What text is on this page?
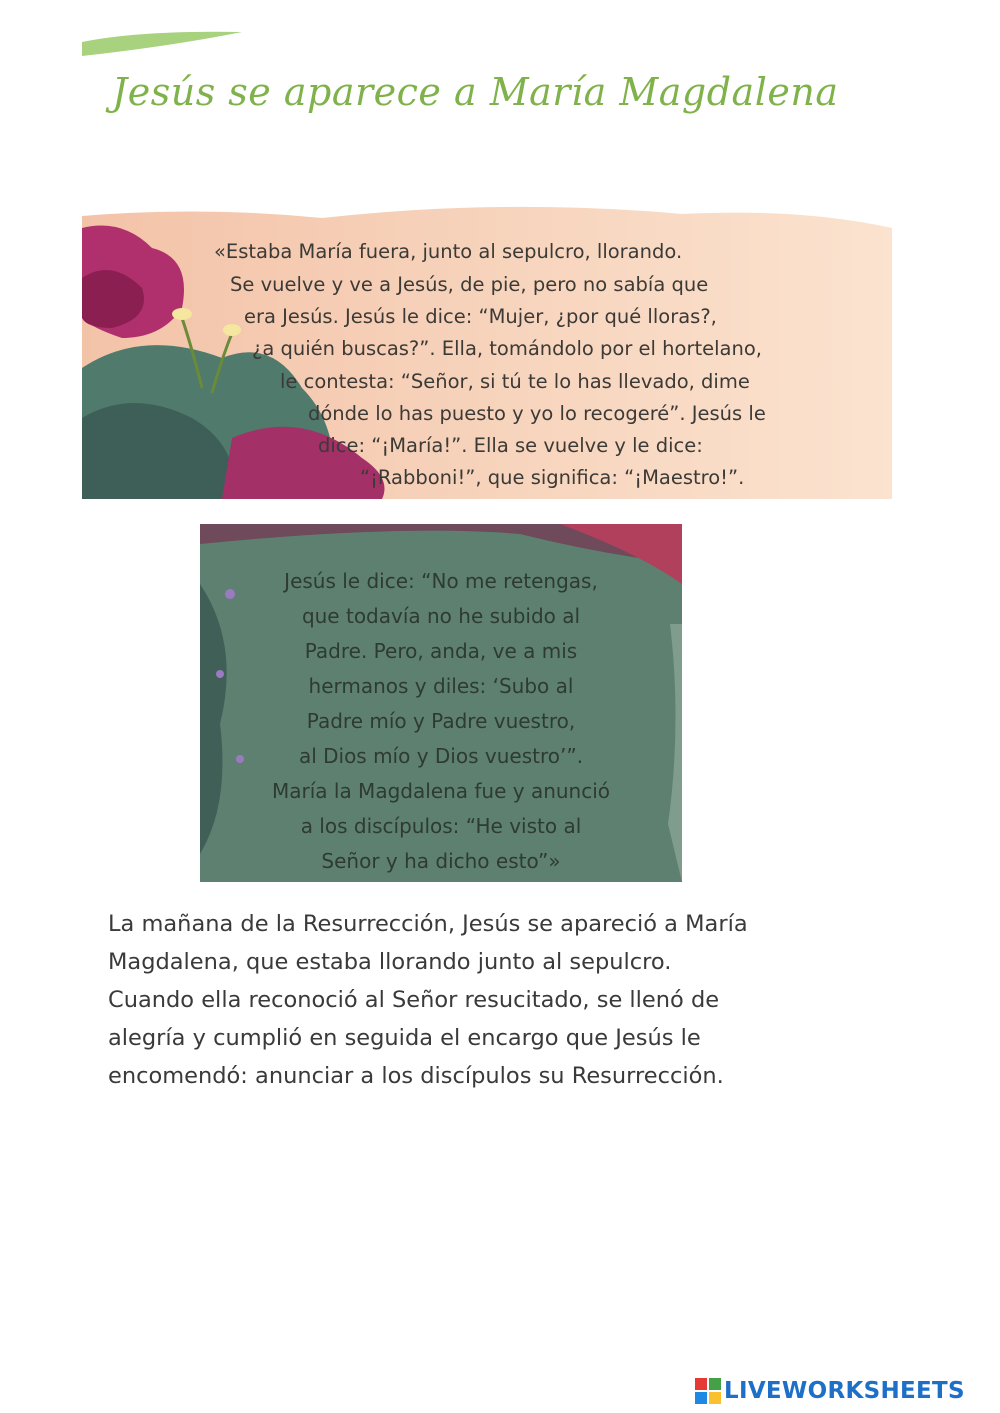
Jesús se aparece a María Magdalena
«Estaba María fuera, junto al sepulcro, llorando.
Se vuelve y ve a Jesús, de pie, pero no sabía que
era Jesús. Jesús le dice: “Mujer, ¿por qué lloras?,
¿a quién buscas?”. Ella, tomándolo por el hortelano,
le contesta: “Señor, si tú te lo has llevado, dime
dónde lo has puesto y yo lo recogeré”. Jesús le
dice: “¡María!”. Ella se vuelve y le dice:
“¡Rabboni!”, que significa: “¡Maestro!”.
Jesús le dice: “No me retengas,
que todavía no he subido al
Padre. Pero, anda, ve a mis
hermanos y diles: ‘Subo al
Padre mío y Padre vuestro,
al Dios mío y Dios vuestro’”.
María la Magdalena fue y anunció
a los discípulos: “He visto al
Señor y ha dicho esto”»
La mañana de la Resurrección, Jesús se apareció a María
Magdalena, que estaba llorando junto al sepulcro.
Cuando ella reconoció al Señor resucitado, se llenó de
alegría y cumplió en seguida el encargo que Jesús le
encomendó: anunciar a los discípulos su Resurrección.
LIVEWORKSHEETS
